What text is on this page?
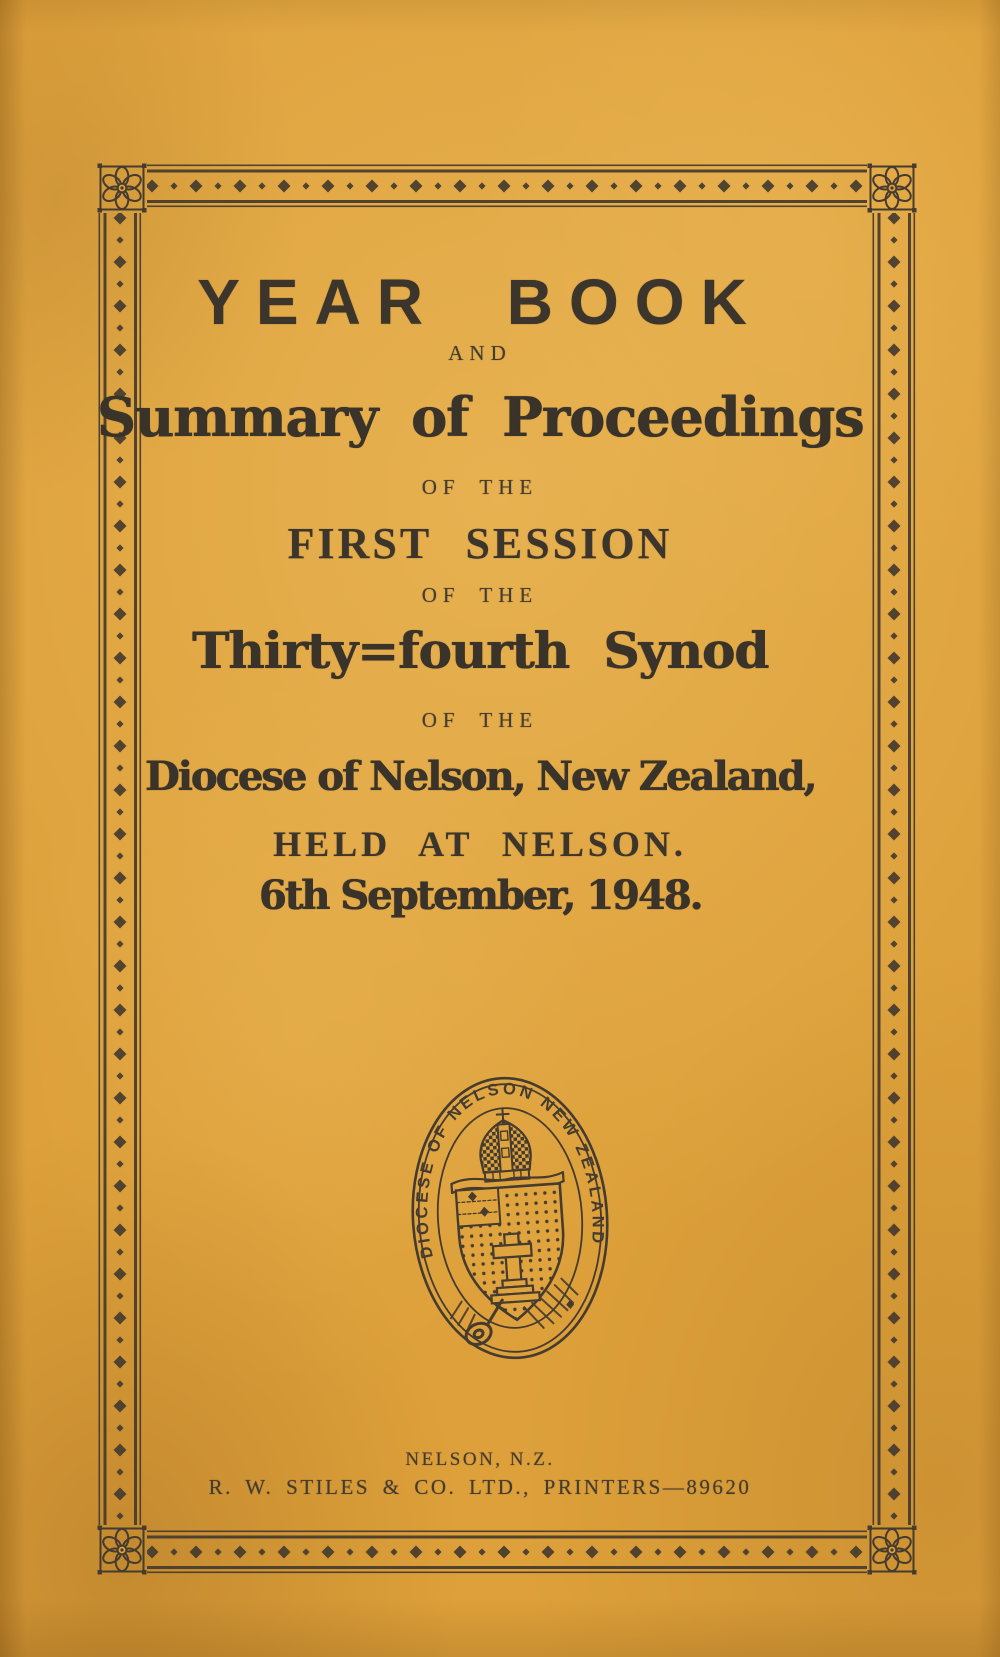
YEAR BOOK
AND
Summary of Proceedings
OF THE
FIRST SESSION
OF THE
Thirty=fourth Synod
OF THE
Diocese of Nelson, New Zealand,
HELD AT NELSON.
6th September, 1948.
DIOCESE OF NELSON NEW ZEALAND
NELSON, N.Z.
R. W. STILES & CO. LTD., PRINTERS—89620
